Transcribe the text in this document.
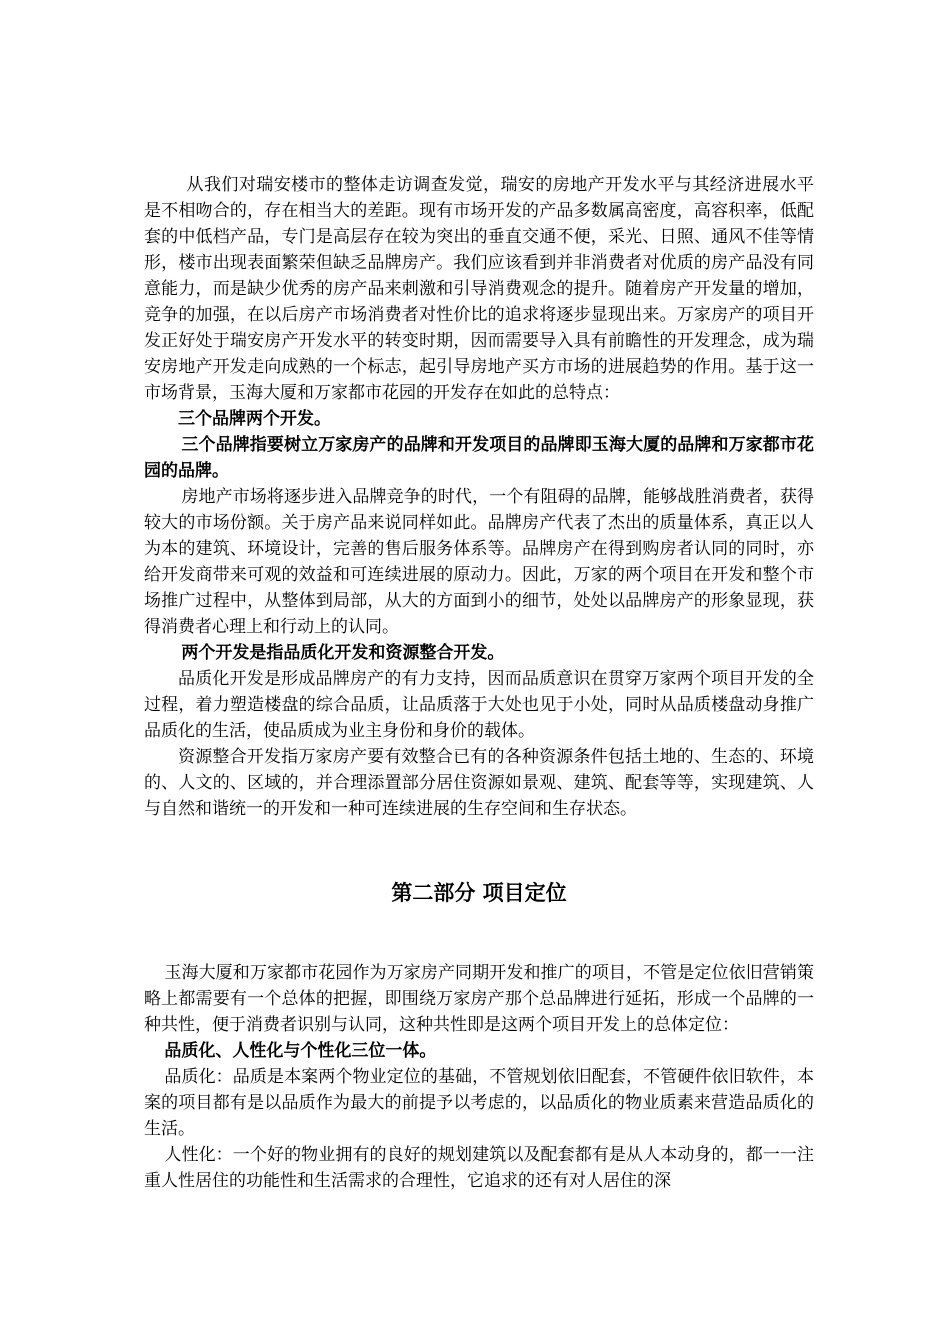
从我们对瑞安楼市的整体走访调查发觉，瑞安的房地产开发水平与其经济进展水平是不相吻合的，存在相当大的差距。现有市场开发的产品多数属高密度，高容积率，低配套的中低档产品，专门是高层存在较为突出的垂直交通不便，采光、日照、通风不佳等情形，楼市出现表面繁荣但缺乏品牌房产。我们应该看到并非消费者对优质的房产品没有同意能力，而是缺少优秀的房产品来刺激和引导消费观念的提升。随着房产开发量的增加，竞争的加强，在以后房产市场消费者对性价比的追求将逐步显现出来。万家房产的项目开发正好处于瑞安房产开发水平的转变时期，因而需要导入具有前瞻性的开发理念，成为瑞安房地产开发走向成熟的一个标志，起引导房地产买方市场的进展趋势的作用。基于这一市场背景，玉海大厦和万家都市花园的开发存在如此的总特点：

三个品牌两个开发。

三个品牌指要树立万家房产的品牌和开发项目的品牌即玉海大厦的品牌和万家都市花园的品牌。

房地产市场将逐步进入品牌竞争的时代，一个有阻碍的品牌，能够战胜消费者，获得较大的市场份额。关于房产品来说同样如此。品牌房产代表了杰出的质量体系，真正以人为本的建筑、环境设计，完善的售后服务体系等。品牌房产在得到购房者认同的同时，亦给开发商带来可观的效益和可连续进展的原动力。因此，万家的两个项目在开发和整个市场推广过程中，从整体到局部，从大的方面到小的细节，处处以品牌房产的形象显现，获得消费者心理上和行动上的认同。

两个开发是指品质化开发和资源整合开发。

品质化开发是形成品牌房产的有力支持，因而品质意识在贯穿万家两个项目开发的全过程，着力塑造楼盘的综合品质，让品质落于大处也见于小处，同时从品质楼盘动身推广品质化的生活，使品质成为业主身份和身价的载体。

资源整合开发指万家房产要有效整合已有的各种资源条件包括土地的、生态的、环境的、人文的、区域的，并合理添置部分居住资源如景观、建筑、配套等等，实现建筑、人与自然和谐统一的开发和一种可连续进展的生存空间和生存状态。

第二部分 项目定位

玉海大厦和万家都市花园作为万家房产同期开发和推广的项目，不管是定位依旧营销策略上都需要有一个总体的把握，即围绕万家房产那个总品牌进行延拓，形成一个品牌的一种共性，便于消费者识别与认同，这种共性即是这两个项目开发上的总体定位：

品质化、人性化与个性化三位一体。

品质化：品质是本案两个物业定位的基础，不管规划依旧配套，不管硬件依旧软件，本案的项目都有是以品质作为最大的前提予以考虑的，以品质化的物业质素来营造品质化的生活。

人性化：一个好的物业拥有的良好的规划建筑以及配套都有是从人本动身的，都一一注重人性居住的功能性和生活需求的合理性，它追求的还有对人居住的深
